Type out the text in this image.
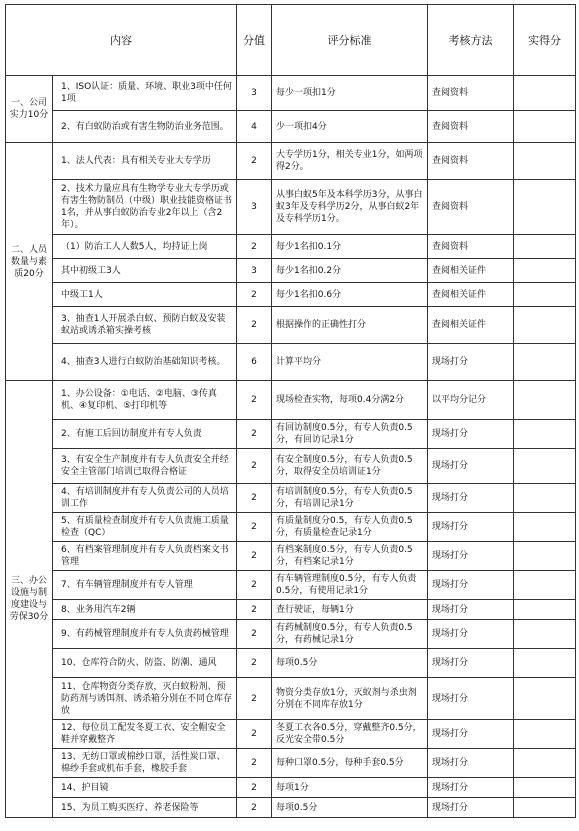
内容		分值	评分标准	考核方法	实得分
一、公司实力10分	1、ISO认证：质量、环境、职业3项中任何1项	3	每少一项扣1分	查阅资料	
	2、有白蚁防治或有害生物防治业务范围。	4	少一项扣4分	查阅资料	
二、人员数量与素质20分	1、法人代表：具有相关专业大专学历	2	大专学历1分，相关专业1分，如两项得2分。	查阅资料	
	2、技术力量应具有生物学专业大专学历或有害生物防制员（中级）职业技能资格证书1名，并从事白蚁防治专业2年以上（含2年）。	3	从事白蚁5年及本科学历3分，从事白蚁3年及专科学历2分，从事白蚁2年及专科学历1分。	查阅资料	
	（1）防治工人人数5人，均持证上岗	2	每少1名扣0.1分	查阅资料	
	其中初级工3人	3	每少1名扣0.2分	查阅相关证件	
	中级工1人	2	每少1名扣0.6分	查阅相关证件	
	3、抽查1人开展杀白蚁、预防白蚁及安装蚁站或诱杀箱实操考核	2	根据操作的正确性打分	查阅相关证件	
	4、抽查3人进行白蚁防治基础知识考核。	6	计算平均分	现场打分	
三、办公设施与制度建设与劳保30分	1、办公设备：①电话、②电脑、③传真机、④复印机、⑤打印机等	2	现场检查实物，每项0.4分满2分	以平均分记分	
	2、有施工后回访制度并有专人负责	2	有回访制度0.5分，有专人负责0.5分，有回访记录1分	现场打分	
	3、有安全生产制度并有专人负责安全并经安全主管部门培训已取得合格证	2	有安全制度0.5分，有专人负责0.5分，取得安全员培训证1分	现场打分	
	4、有培训制度并有专人负责公司的人员培训工作	2	有培训制度0.5分，有专人负责0.5分，有培训记录1分	现场打分	
	5、有质量检查制度并有专人负责施工质量检查（QC）	2	有质量制度分0.5，有专人负责0.5分，有质量检查记录1分	现场打分	
	6、有档案管理制度并有专人负责档案文书管理	2	有档案制度0.5分，有专人负责0.5分，有档案记录1分	现场打分	
	7、有车辆管理制度并有专人管理	2	有车辆管理制度0.5分，有专人负责0.5分，有使用记录1分	现场打分	
	8、业务用汽车2辆	2	查行驶证，每辆1分	现场打分	
	9、有药械管理制度并有专人负责药械管理	2	有药械制度0.5分，有专人负责0.5分，有药械记录1分	现场打分	
	10、仓库符合防火、防盗、防潮、通风	2	每项0.5分	现场打分	
	11、仓库物资分类存放，灭白蚁粉剂、预防药剂与诱饵剂、诱杀箱分别在不同仓库存放	2	物资分类存放1分，灭蚁剂与杀虫剂分别在不同库存放1分	现场打分	
	12、每位员工配发冬夏工衣、安全帽安全鞋并穿戴整齐	2	冬夏工衣各0.5分，穿戴整齐0.5分，反光安全带0.5分	现场打分	
	13、无纺口罩或棉纱口罩，活性炭口罩、棉纱手套或机布手套，橡胶手套	2	每种口罩0.5分，每种手套0.5分	现场打分	
	14、护目镜	2	每项1分	现场打分	
	15、为员工购买医疗、养老保险等	2	每项0.5分	现场打分	
